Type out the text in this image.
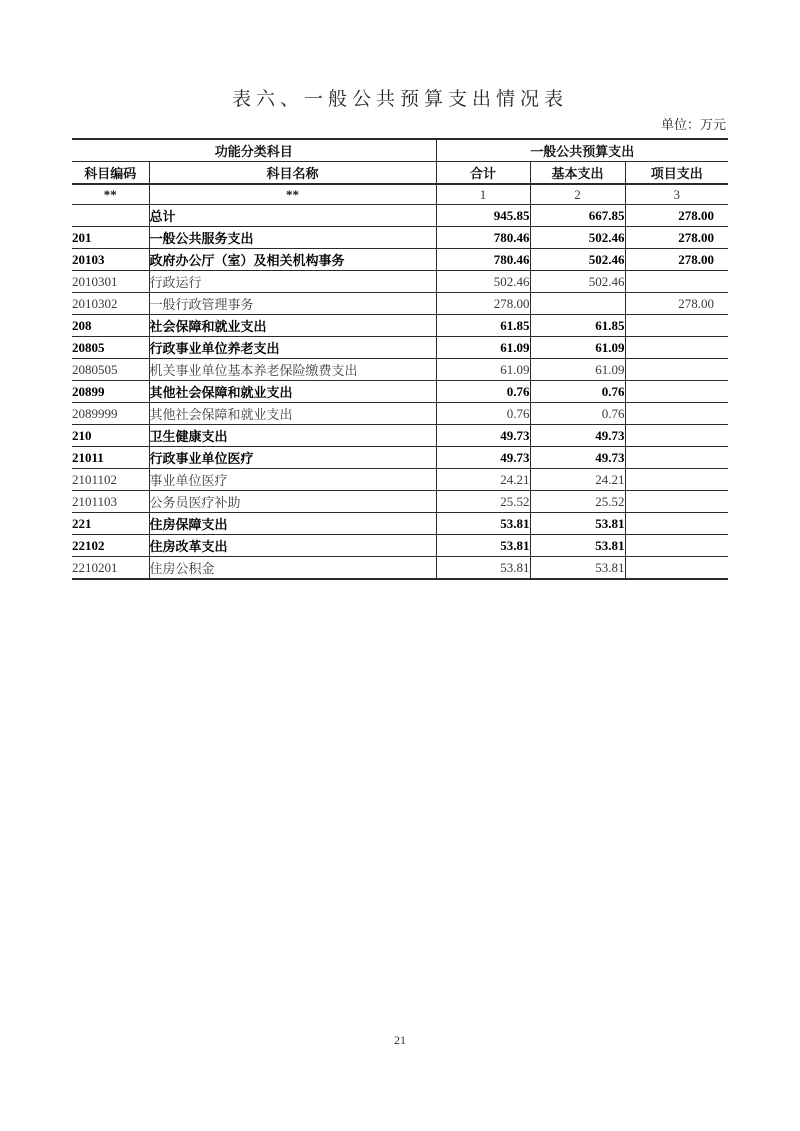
表六、一般公共预算支出情况表
单位：万元
功能分类科目		一般公共预算支出		
科目编码	科目名称	合计	基本支出	项目支出
**	**	1	2	3
	总计	945.85	667.85	278.00
201	一般公共服务支出	780.46	502.46	278.00
20103	政府办公厅（室）及相关机构事务	780.46	502.46	278.00
2010301	行政运行	502.46	502.46	
2010302	一般行政管理事务	278.00		278.00
208	社会保障和就业支出	61.85	61.85	
20805	行政事业单位养老支出	61.09	61.09	
2080505	机关事业单位基本养老保险缴费支出	61.09	61.09	
20899	其他社会保障和就业支出	0.76	0.76	
2089999	其他社会保障和就业支出	0.76	0.76	
210	卫生健康支出	49.73	49.73	
21011	行政事业单位医疗	49.73	49.73	
2101102	事业单位医疗	24.21	24.21	
2101103	公务员医疗补助	25.52	25.52	
221	住房保障支出	53.81	53.81	
22102	住房改革支出	53.81	53.81	
2210201	住房公积金	53.81	53.81	
21
